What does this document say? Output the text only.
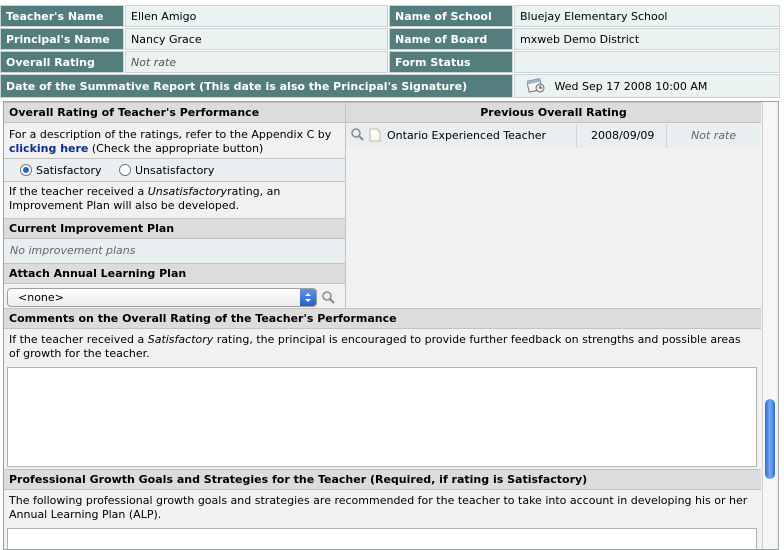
Teacher's Name	Ellen Amigo	Name of School	Bluejay Elementary School
Principal's Name	Nancy Grace	Name of Board	mxweb Demo District
Overall Rating	Not rate	Form Status
Date of the Summative Report (This date is also the Principal's Signature)	Wed Sep 17 2008 10:00 AM
Overall Rating of Teacher's Performance
For a description of the ratings, refer to the Appendix C by
clicking here (Check the appropriate button)
Satisfactory	Unsatisfactory
If the teacher received a Unsatisfactoryrating, an Improvement Plan will also be developed.
Current Improvement Plan
No improvement plans
Attach Annual Learning Plan
<none>
Previous Overall Rating
Ontario Experienced Teacher	2008/09/09	Not rate
Comments on the Overall Rating of the Teacher's Performance
If the teacher received a Satisfactory rating, the principal is encouraged to provide further feedback on strengths and possible areas of growth for the teacher.
Professional Growth Goals and Strategies for the Teacher (Required, if rating is Satisfactory)
The following professional growth goals and strategies are recommended for the teacher to take into account in developing his or her Annual Learning Plan (ALP).
